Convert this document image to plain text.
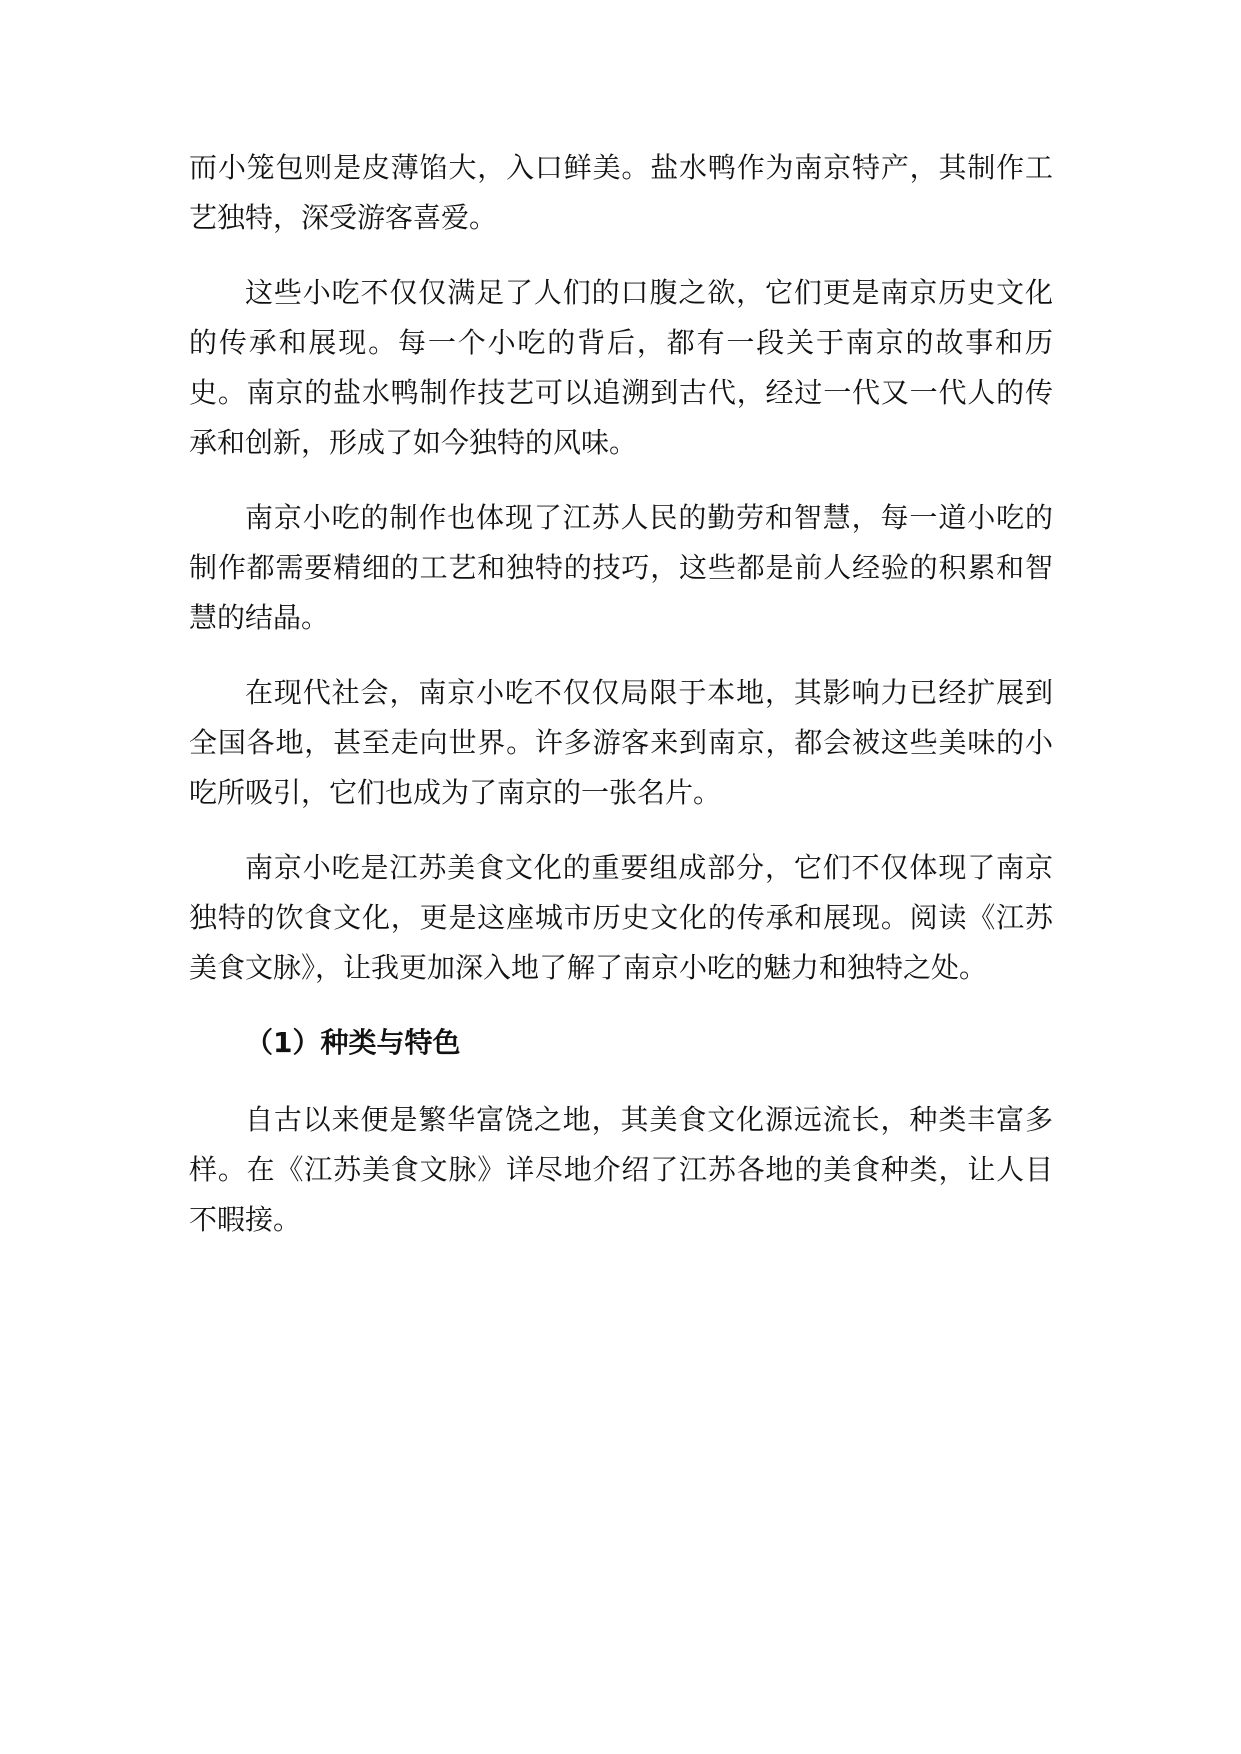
而小笼包则是皮薄馅大，入口鲜美。盐水鸭作为南京特产，其制作工艺独特，深受游客喜爱。

这些小吃不仅仅满足了人们的口腹之欲，它们更是南京历史文化的传承和展现。每一个小吃的背后，都有一段关于南京的故事和历史。南京的盐水鸭制作技艺可以追溯到古代，经过一代又一代人的传承和创新，形成了如今独特的风味。

南京小吃的制作也体现了江苏人民的勤劳和智慧，每一道小吃的制作都需要精细的工艺和独特的技巧，这些都是前人经验的积累和智慧的结晶。

在现代社会，南京小吃不仅仅局限于本地，其影响力已经扩展到全国各地，甚至走向世界。许多游客来到南京，都会被这些美味的小吃所吸引，它们也成为了南京的一张名片。

南京小吃是江苏美食文化的重要组成部分，它们不仅体现了南京独特的饮食文化，更是这座城市历史文化的传承和展现。阅读《江苏美食文脉》，让我更加深入地了解了南京小吃的魅力和独特之处。

（1）种类与特色

自古以来便是繁华富饶之地，其美食文化源远流长，种类丰富多样。在《江苏美食文脉》详尽地介绍了江苏各地的美食种类，让人目不暇接。
